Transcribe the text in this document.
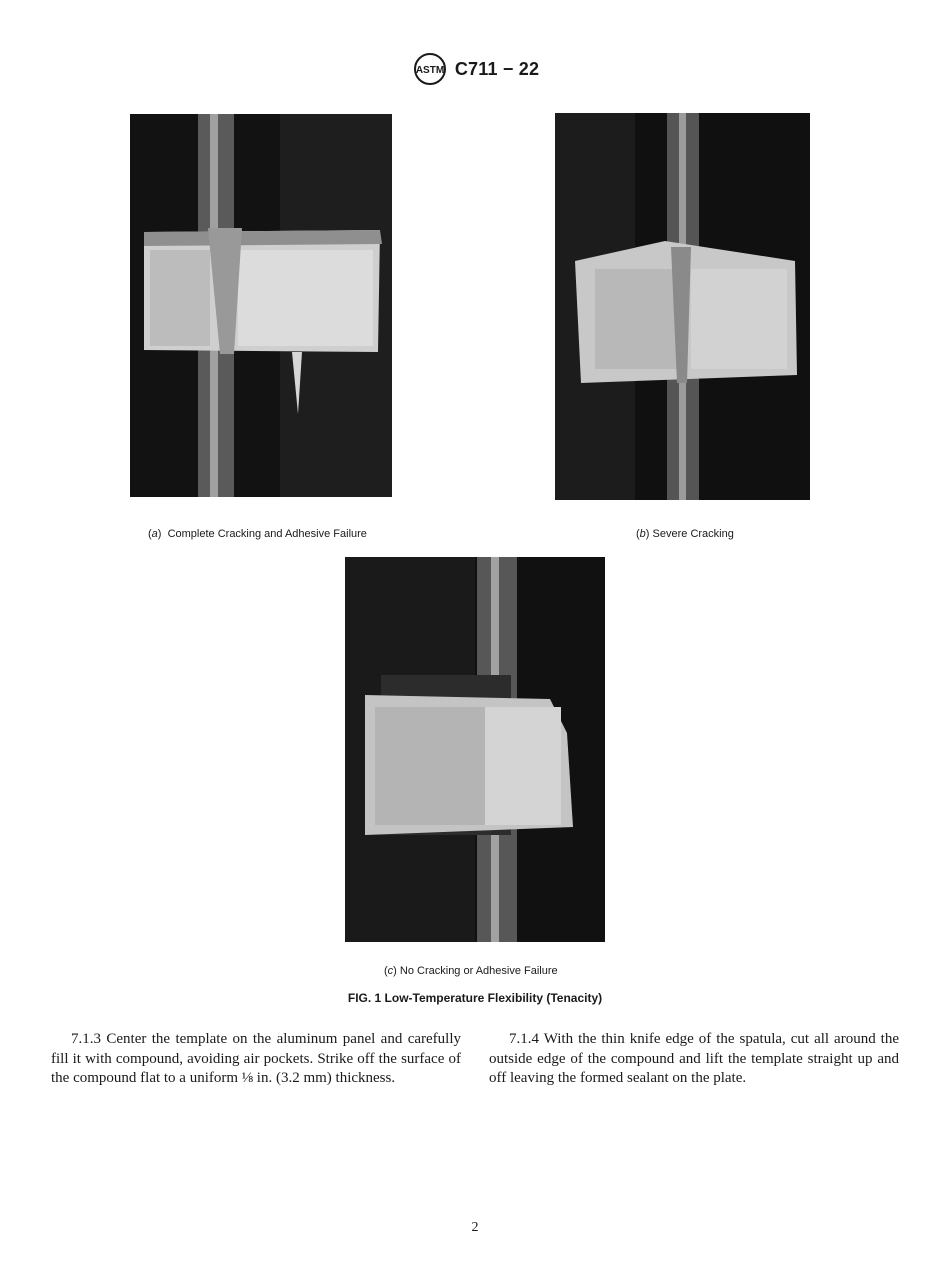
ASTM C711 − 22
(a)  Complete Cracking and Adhesive Failure	(b) Severe Cracking
(c) No Cracking or Adhesive Failure
FIG. 1 Low-Temperature Flexibility (Tenacity)
7.1.3 Center the template on the aluminum panel and carefully fill it with compound, avoiding air pockets. Strike off the surface of the compound flat to a uniform ⅛ in. (3.2 mm) thickness.
7.1.4 With the thin knife edge of the spatula, cut all around the outside edge of the compound and lift the template straight up and off leaving the formed sealant on the plate.
2
